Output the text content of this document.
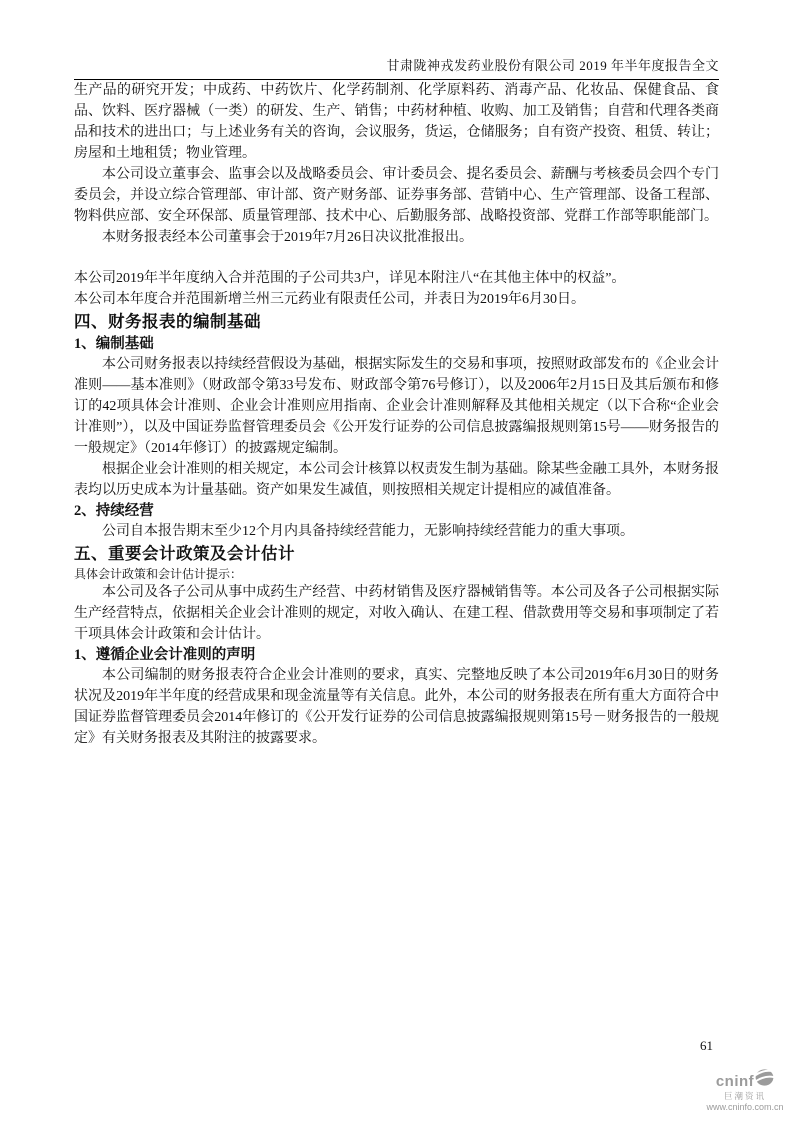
甘肃陇神戎发药业股份有限公司 2019 年半年度报告全文

生产品的研究开发；中成药、中药饮片、化学药制剂、化学原料药、消毒产品、化妆品、保健食品、食品、饮料、医疗器械（一类）的研发、生产、销售；中药材种植、收购、加工及销售；自营和代理各类商品和技术的进出口；与上述业务有关的咨询，会议服务，货运，仓储服务；自有资产投资、租赁、转让；房屋和土地租赁；物业管理。

本公司设立董事会、监事会以及战略委员会、审计委员会、提名委员会、薪酬与考核委员会四个专门委员会，并设立综合管理部、审计部、资产财务部、证券事务部、营销中心、生产管理部、设备工程部、物料供应部、安全环保部、质量管理部、技术中心、后勤服务部、战略投资部、党群工作部等职能部门。

本财务报表经本公司董事会于2019年7月26日决议批准报出。

本公司2019年半年度纳入合并范围的子公司共3户，详见本附注八“在其他主体中的权益”。

本公司本年度合并范围新增兰州三元药业有限责任公司，并表日为2019年6月30日。

四、财务报表的编制基础
1、编制基础

本公司财务报表以持续经营假设为基础，根据实际发生的交易和事项，按照财政部发布的《企业会计准则——基本准则》（财政部令第33号发布、财政部令第76号修订），以及2006年2月15日及其后颁布和修订的42项具体会计准则、企业会计准则应用指南、企业会计准则解释及其他相关规定（以下合称“企业会计准则”），以及中国证券监督管理委员会《公开发行证券的公司信息披露编报规则第15号——财务报告的一般规定》（2014年修订）的披露规定编制。

根据企业会计准则的相关规定，本公司会计核算以权责发生制为基础。除某些金融工具外，本财务报表均以历史成本为计量基础。资产如果发生减值，则按照相关规定计提相应的减值准备。

2、持续经营

公司自本报告期末至少12个月内具备持续经营能力，无影响持续经营能力的重大事项。

五、重要会计政策及会计估计

具体会计政策和会计估计提示：

本公司及各子公司从事中成药生产经营、中药材销售及医疗器械销售等。本公司及各子公司根据实际生产经营特点，依据相关企业会计准则的规定，对收入确认、在建工程、借款费用等交易和事项制定了若干项具体会计政策和会计估计。

1、遵循企业会计准则的声明

本公司编制的财务报表符合企业会计准则的要求，真实、完整地反映了本公司2019年6月30日的财务状况及2019年半年度的经营成果和现金流量等有关信息。此外，本公司的财务报表在所有重大方面符合中国证券监督管理委员会2014年修订的《公开发行证券的公司信息披露编报规则第15号－财务报告的一般规定》有关财务报表及其附注的披露要求。

61
cninf
巨潮资讯
www.cninfo.com.cn
